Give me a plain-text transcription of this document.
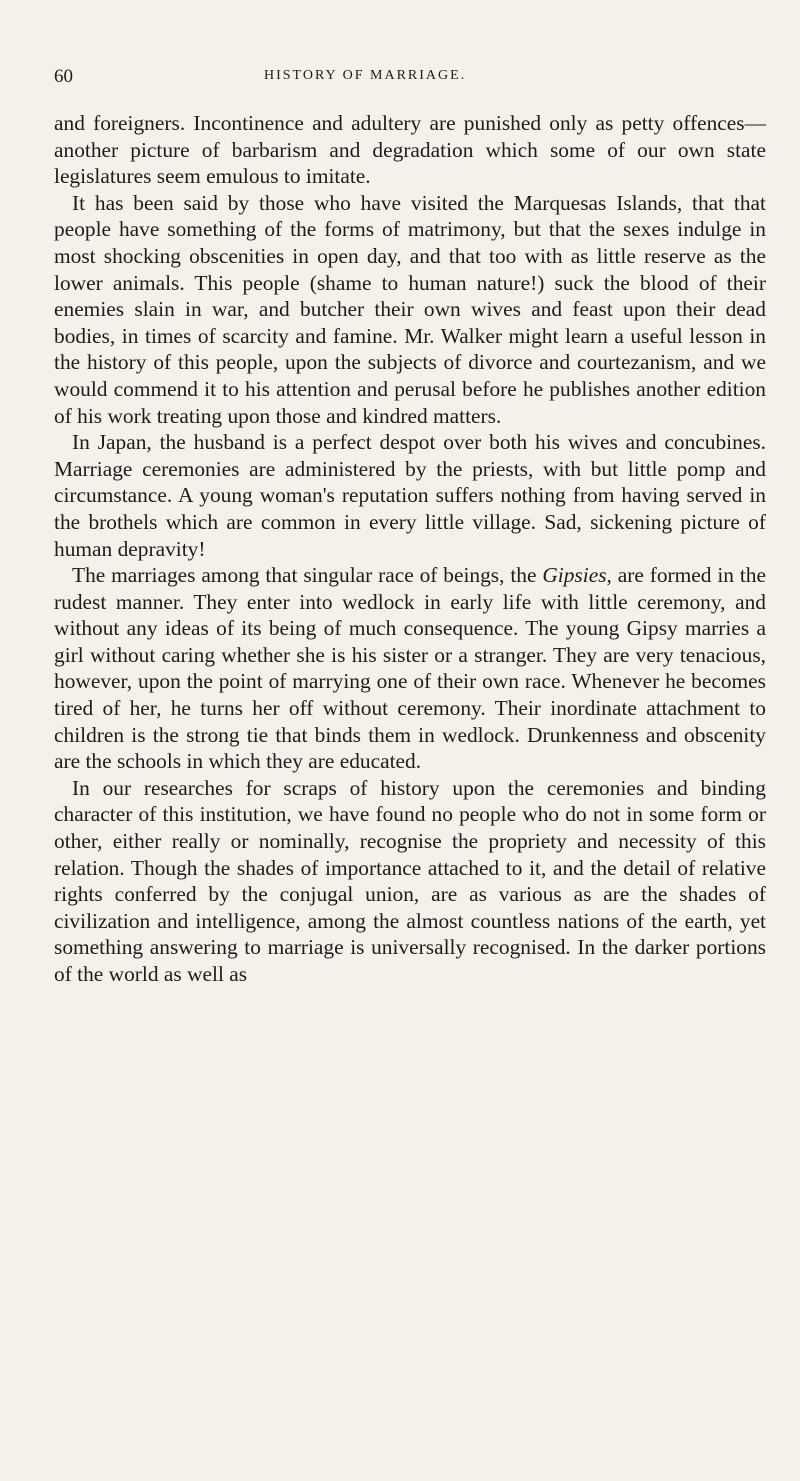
60	HISTORY OF MARRIAGE.

and foreigners. Incontinence and adultery are punished only as petty offences—another picture of barbarism and degradation which some of our own state legislatures seem emulous to imitate.

It has been said by those who have visited the Marquesas Islands, that that people have something of the forms of matrimony, but that the sexes indulge in most shocking obscenities in open day, and that too with as little reserve as the lower animals. This people (shame to human nature!) suck the blood of their enemies slain in war, and butcher their own wives and feast upon their dead bodies, in times of scarcity and famine. Mr. Walker might learn a useful lesson in the history of this people, upon the subjects of divorce and courtezanism, and we would commend it to his attention and perusal before he publishes another edition of his work treating upon those and kindred matters.

In Japan, the husband is a perfect despot over both his wives and concubines. Marriage ceremonies are administered by the priests, with but little pomp and circumstance. A young woman's reputation suffers nothing from having served in the brothels which are common in every little village. Sad, sickening picture of human depravity!

The marriages among that singular race of beings, the Gipsies, are formed in the rudest manner. They enter into wedlock in early life with little ceremony, and without any ideas of its being of much consequence. The young Gipsy marries a girl without caring whether she is his sister or a stranger. They are very tenacious, however, upon the point of marrying one of their own race. Whenever he becomes tired of her, he turns her off without ceremony. Their inordinate attachment to children is the strong tie that binds them in wedlock. Drunkenness and obscenity are the schools in which they are educated.

In our researches for scraps of history upon the ceremonies and binding character of this institution, we have found no people who do not in some form or other, either really or nominally, recognise the propriety and necessity of this relation. Though the shades of importance attached to it, and the detail of relative rights conferred by the conjugal union, are as various as are the shades of civilization and intelligence, among the almost countless nations of the earth, yet something answering to marriage is universally recognised. In the darker portions of the world as well as
